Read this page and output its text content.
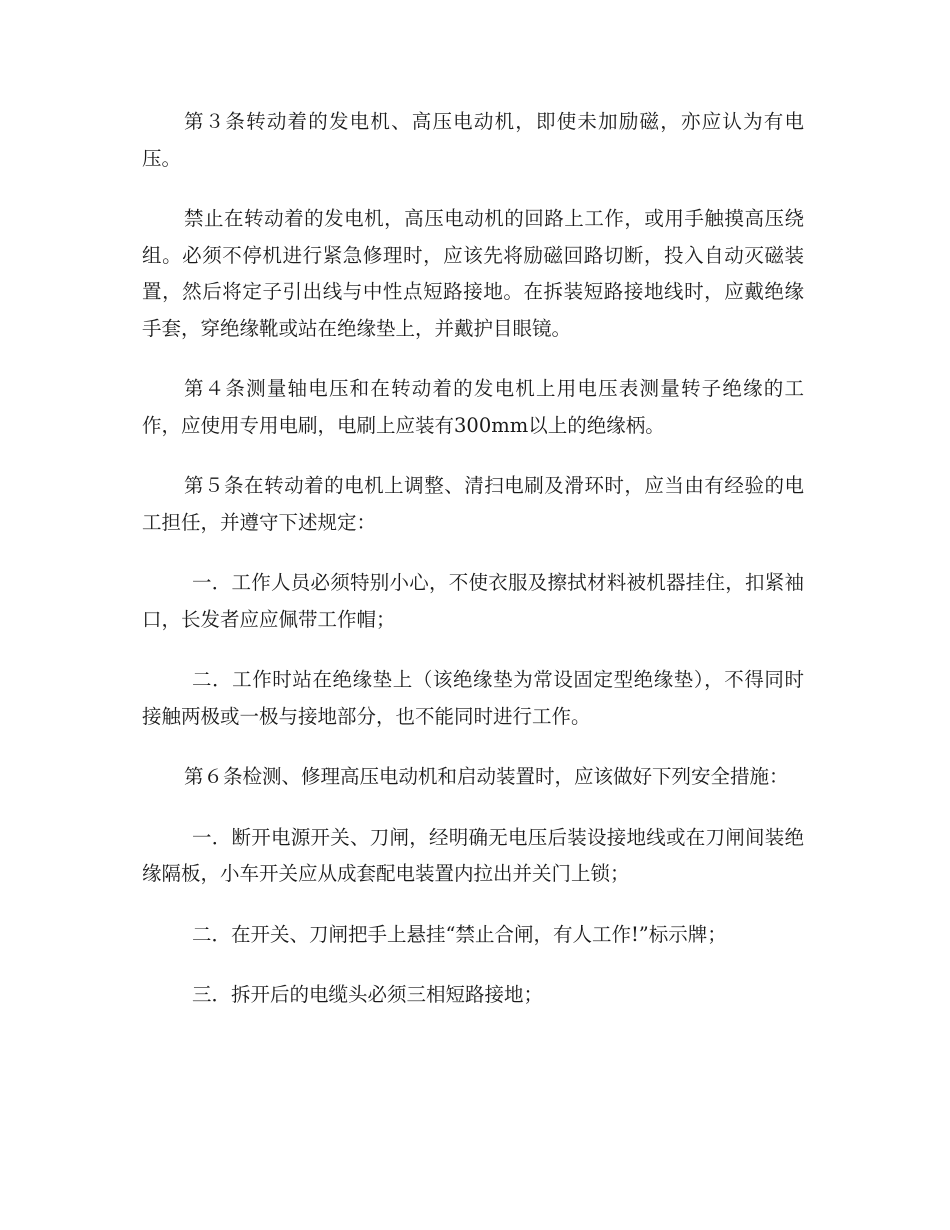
第３条转动着的发电机、高压电动机，即使未加励磁，亦应认为有电压。

禁止在转动着的发电机，高压电动机的回路上工作，或用手触摸高压绕组。必须不停机进行紧急修理时，应该先将励磁回路切断，投入自动灭磁装置，然后将定子引出线与中性点短路接地。在拆装短路接地线时，应戴绝缘手套，穿绝缘靴或站在绝缘垫上，并戴护目眼镜。

第４条测量轴电压和在转动着的发电机上用电压表测量转子绝缘的工作，应使用专用电刷，电刷上应装有300mm以上的绝缘柄。

第５条在转动着的电机上调整、清扫电刷及滑环时，应当由有经验的电工担任，并遵守下述规定：

一．工作人员必须特别小心，不使衣服及擦拭材料被机器挂住，扣紧袖口，长发者应应佩带工作帽；

二．工作时站在绝缘垫上（该绝缘垫为常设固定型绝缘垫），不得同时接触两极或一极与接地部分，也不能同时进行工作。

第６条检测、修理高压电动机和启动装置时，应该做好下列安全措施：

一．断开电源开关、刀闸，经明确无电压后装设接地线或在刀闸间装绝缘隔板，小车开关应从成套配电装置内拉出并关门上锁；

二．在开关、刀闸把手上悬挂“禁止合闸，有人工作!”标示牌；

三．拆开后的电缆头必须三相短路接地；
